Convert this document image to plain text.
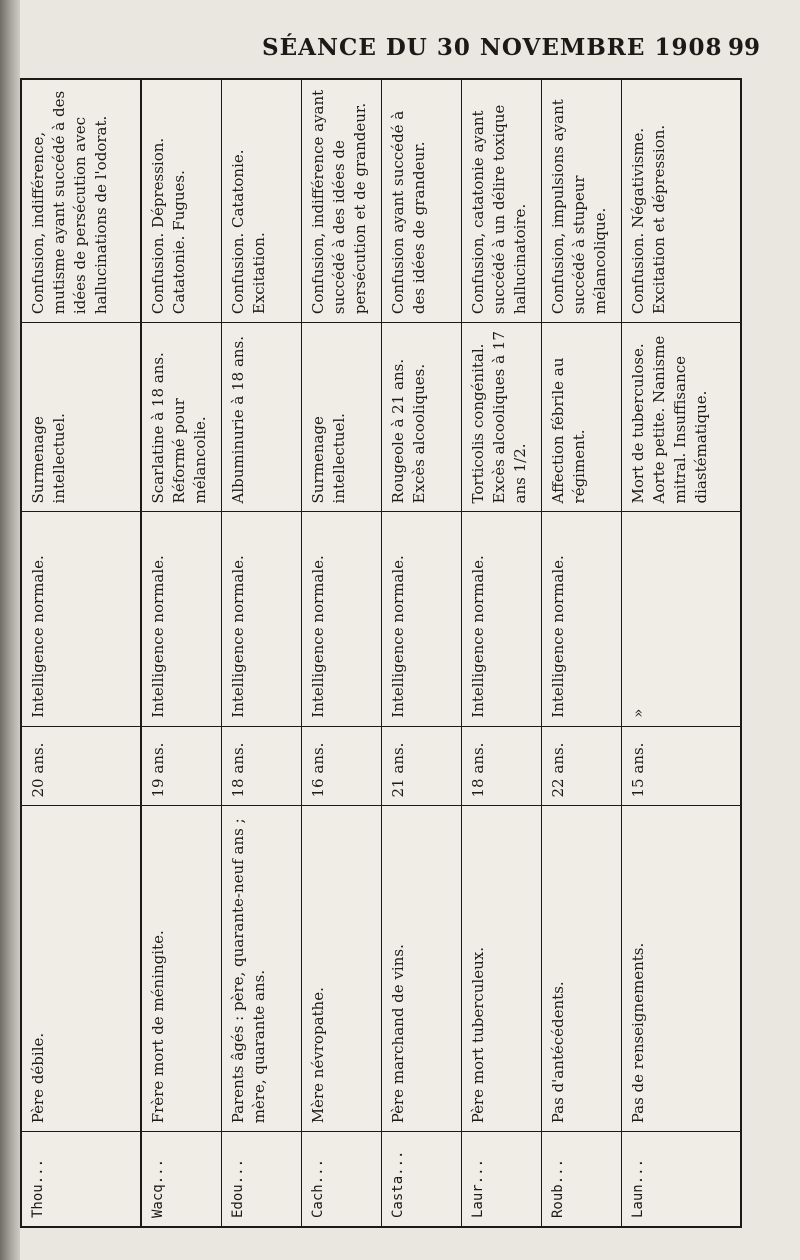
SÉANCE DU 30 NOVEMBRE 1908 99
Thou...
Père débile.
20 ans.
Intelligence normale.
Surmenage intellectuel.
Confusion, indifférence, mutisme ayant succédé à des idées de persécution avec hallucinations de l'odorat.
Wacq...
Frère mort de méningite.
19 ans.
Intelligence normale.
Scarlatine à 18 ans. Réformé pour mélancolie.
Confusion. Dépression. Catatonie. Fugues.
Edou...
Parents âgés : père, quarante-neuf ans ; mère, quarante ans.
18 ans.
Intelligence normale.
Albuminurie à 18 ans.
Confusion. Catatonie. Excitation.
Cach...
Mère névropathe.
16 ans.
Intelligence normale.
Surmenage intellectuel.
Confusion, indifférence ayant succédé à des idées de persécution et de grandeur.
Casta...
Père marchand de vins.
21 ans.
Intelligence normale.
Rougeole à 21 ans. Excès alcooliques.
Confusion ayant succédé à des idées de grandeur.
Laur...
Père mort tuberculeux.
18 ans.
Intelligence normale.
Torticolis congénital. Excès alcooliques à 17 ans 1/2.
Confusion, catatonie ayant succédé à un délire toxique hallucinatoire.
Roub...
Pas d'antécédents.
22 ans.
Intelligence normale.
Affection fébrile au régiment.
Confusion, impulsions ayant succédé à stupeur mélancolique.
Laun...
Pas de renseignements.
15 ans.
»
Mort de tuberculose. Aorte petite. Nanisme mitral. Insuffisance diastématique.
Confusion. Négativisme. Excitation et dépression.
